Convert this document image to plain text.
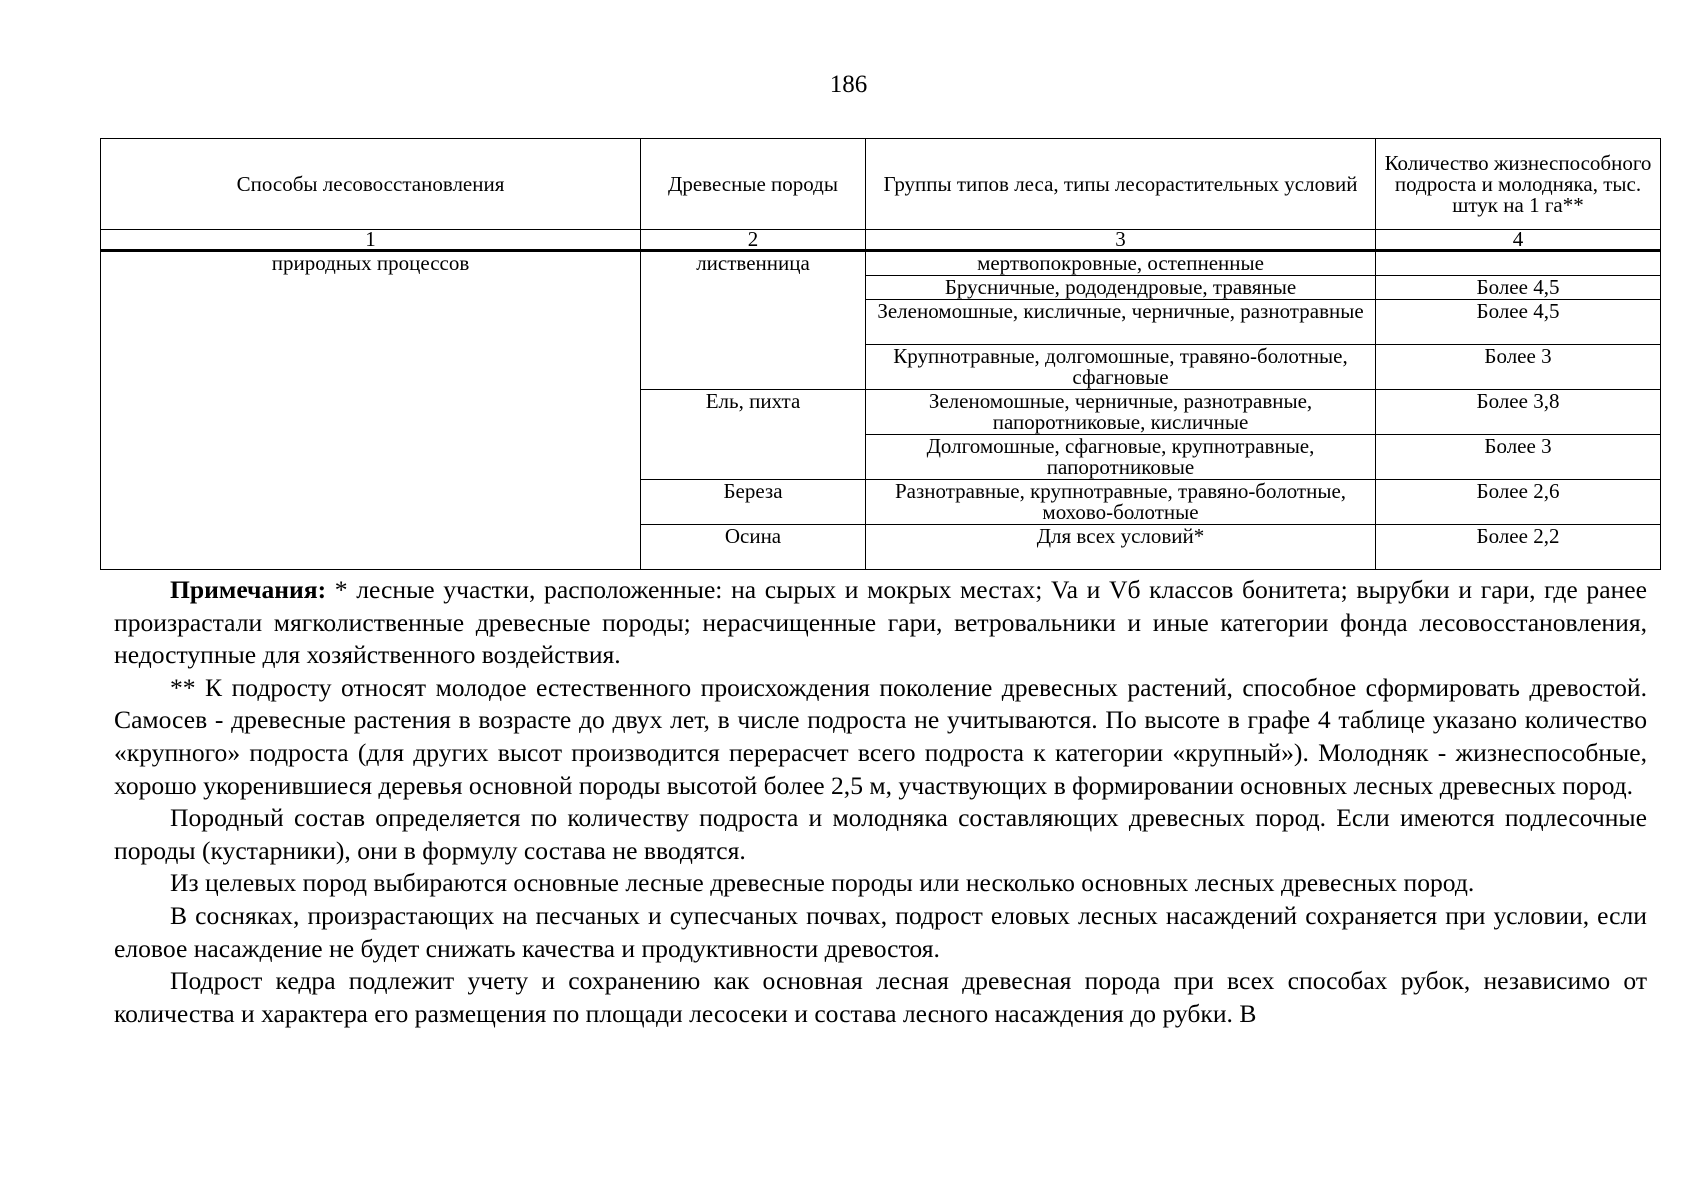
186
Способы лесовосстановления	Древесные породы	Группы типов леса, типы лесорастительных условий	Количество жизнеспособного подроста и молодняка, тыс. штук на 1 га**
1	2	3	4
природных процессов	лиственница	мертвопокровные, остепненные	
		Брусничные, рододендровые, травяные	Более 4,5
		Зеленомошные, кисличные, черничные, разнотравные	Более 4,5
		Крупнотравные, долгомошные, травяно-болотные, сфагновые	Более 3
	Ель, пихта	Зеленомошные, черничные, разнотравные, папоротниковые, кисличные	Более 3,8
		Долгомошные, сфагновые, крупнотравные, папоротниковые	Более 3
	Береза	Разнотравные, крупнотравные, травяно-болотные, мохово-болотные	Более 2,6
	Осина	Для всех условий*	Более 2,2

Примечания: * лесные участки, расположенные: на сырых и мокрых местах; Va и Vб классов бонитета; вырубки и гари, где ранее произрастали мягколиственные древесные породы; нерасчищенные гари, ветровальники и иные категории фонда лесовосстановления, недоступные для хозяйственного воздействия.

** К подросту относят молодое естественного происхождения поколение древесных растений, способное сформировать древостой. Самосев - древесные растения в возрасте до двух лет, в числе подроста не учитываются. По высоте в графе 4 таблице указано количество «крупного» подроста (для других высот производится перерасчет всего подроста к категории «крупный»). Молодняк - жизнеспособные, хорошо укоренившиеся деревья основной породы высотой более 2,5 м, участвующих в формировании основных лесных древесных пород.

Породный состав определяется по количеству подроста и молодняка составляющих древесных пород. Если имеются подлесочные породы (кустарники), они в формулу состава не вводятся.

Из целевых пород выбираются основные лесные древесные породы или несколько основных лесных древесных пород.

В сосняках, произрастающих на песчаных и супесчаных почвах, подрост еловых лесных насаждений сохраняется при условии, если еловое насаждение не будет снижать качества и продуктивности древостоя.

Подрост кедра подлежит учету и сохранению как основная лесная древесная порода при всех способах рубок, независимо от количества и характера его размещения по площади лесосеки и состава лесного насаждения до рубки. В
